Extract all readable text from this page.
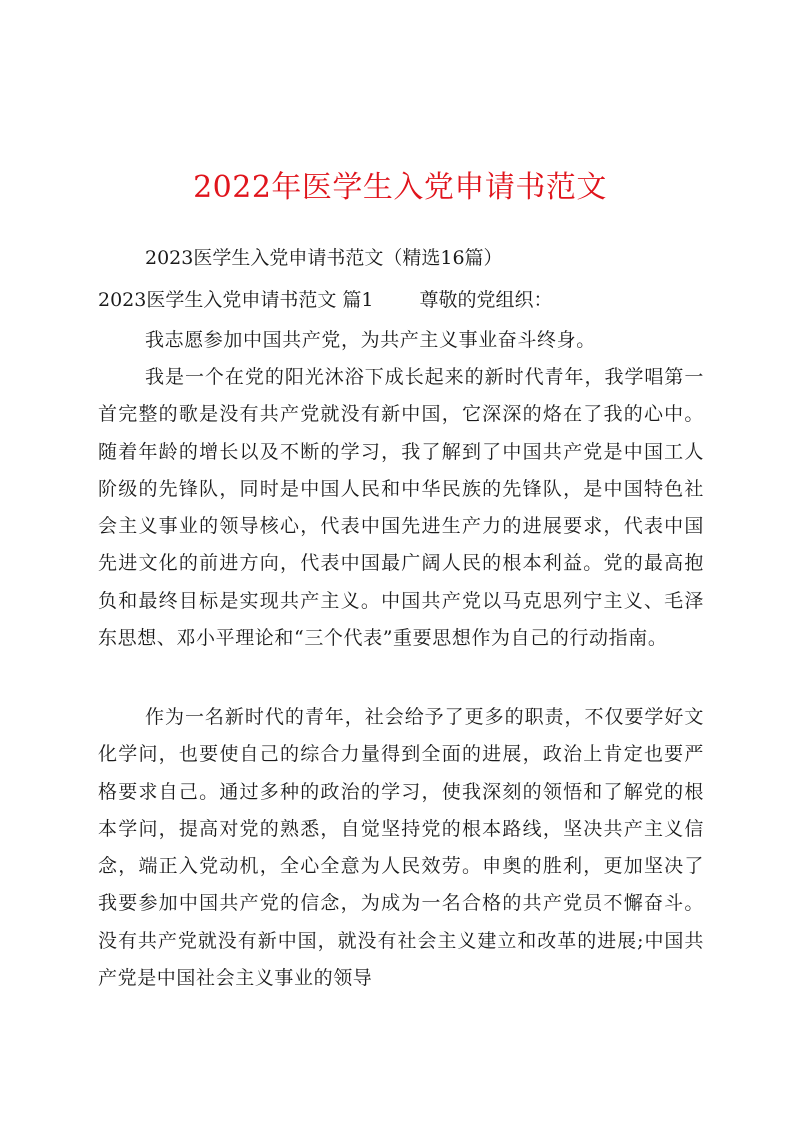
2022年医学生入党申请书范文

2023医学生入党申请书范文（精选16篇）

2023医学生入党申请书范文 篇1 尊敬的党组织：

我志愿参加中国共产党，为共产主义事业奋斗终身。

我是一个在党的阳光沐浴下成长起来的新时代青年，我学唱第一首完整的歌是没有共产党就没有新中国，它深深的烙在了我的心中。随着年龄的增长以及不断的学习，我了解到了中国共产党是中国工人阶级的先锋队，同时是中国人民和中华民族的先锋队，是中国特色社会主义事业的领导核心，代表中国先进生产力的进展要求，代表中国先进文化的前进方向，代表中国最广阔人民的根本利益。党的最高抱负和最终目标是实现共产主义。中国共产党以马克思列宁主义、毛泽东思想、邓小平理论和“三个代表”重要思想作为自己的行动指南。

作为一名新时代的青年，社会给予了更多的职责，不仅要学好文化学问，也要使自己的综合力量得到全面的进展，政治上肯定也要严格要求自己。通过多种的政治的学习，使我深刻的领悟和了解党的根本学问，提高对党的熟悉，自觉坚持党的根本路线，坚决共产主义信念，端正入党动机，全心全意为人民效劳。申奥的胜利，更加坚决了我要参加中国共产党的信念，为成为一名合格的共产党员不懈奋斗。没有共产党就没有新中国，就没有社会主义建立和改革的进展;中国共产党是中国社会主义事业的领导
